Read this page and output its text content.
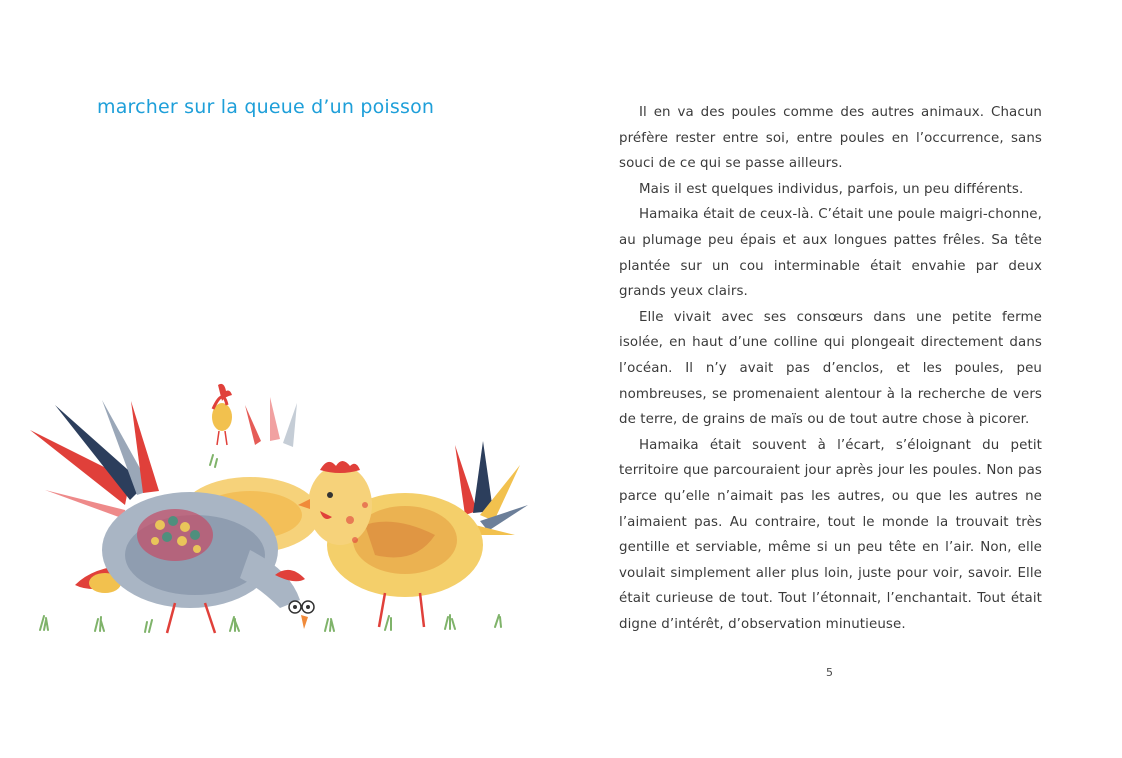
marcher sur la queue d’un poisson	Il en va des poules comme des autres animaux. Chacun préfère rester entre soi, entre poules en l’occurrence, sans souci de ce qui se passe ailleurs.

Mais il est quelques individus, parfois, un peu différents.

Hamaika était de ceux-là. C’était une poule maigri-chonne, au plumage peu épais et aux longues pattes frêles. Sa tête plantée sur un cou interminable était envahie par deux grands yeux clairs.

Elle vivait avec ses consœurs dans une petite ferme isolée, en haut d’une colline qui plongeait directement dans l’océan. Il n’y avait pas d’enclos, et les poules, peu nombreuses, se promenaient alentour à la recherche de vers de terre, de grains de maïs ou de tout autre chose à picorer.

Hamaika était souvent à l’écart, s’éloignant du petit territoire que parcouraient jour après jour les poules. Non pas parce qu’elle n’aimait pas les autres, ou que les autres ne l’aimaient pas. Au contraire, tout le monde la trouvait très gentille et serviable, même si un peu tête en l’air. Non, elle voulait simplement aller plus loin, juste pour voir, savoir. Elle était curieuse de tout. Tout l’étonnait, l’enchantait. Tout était digne d’intérêt, d’observation minutieuse.

5
